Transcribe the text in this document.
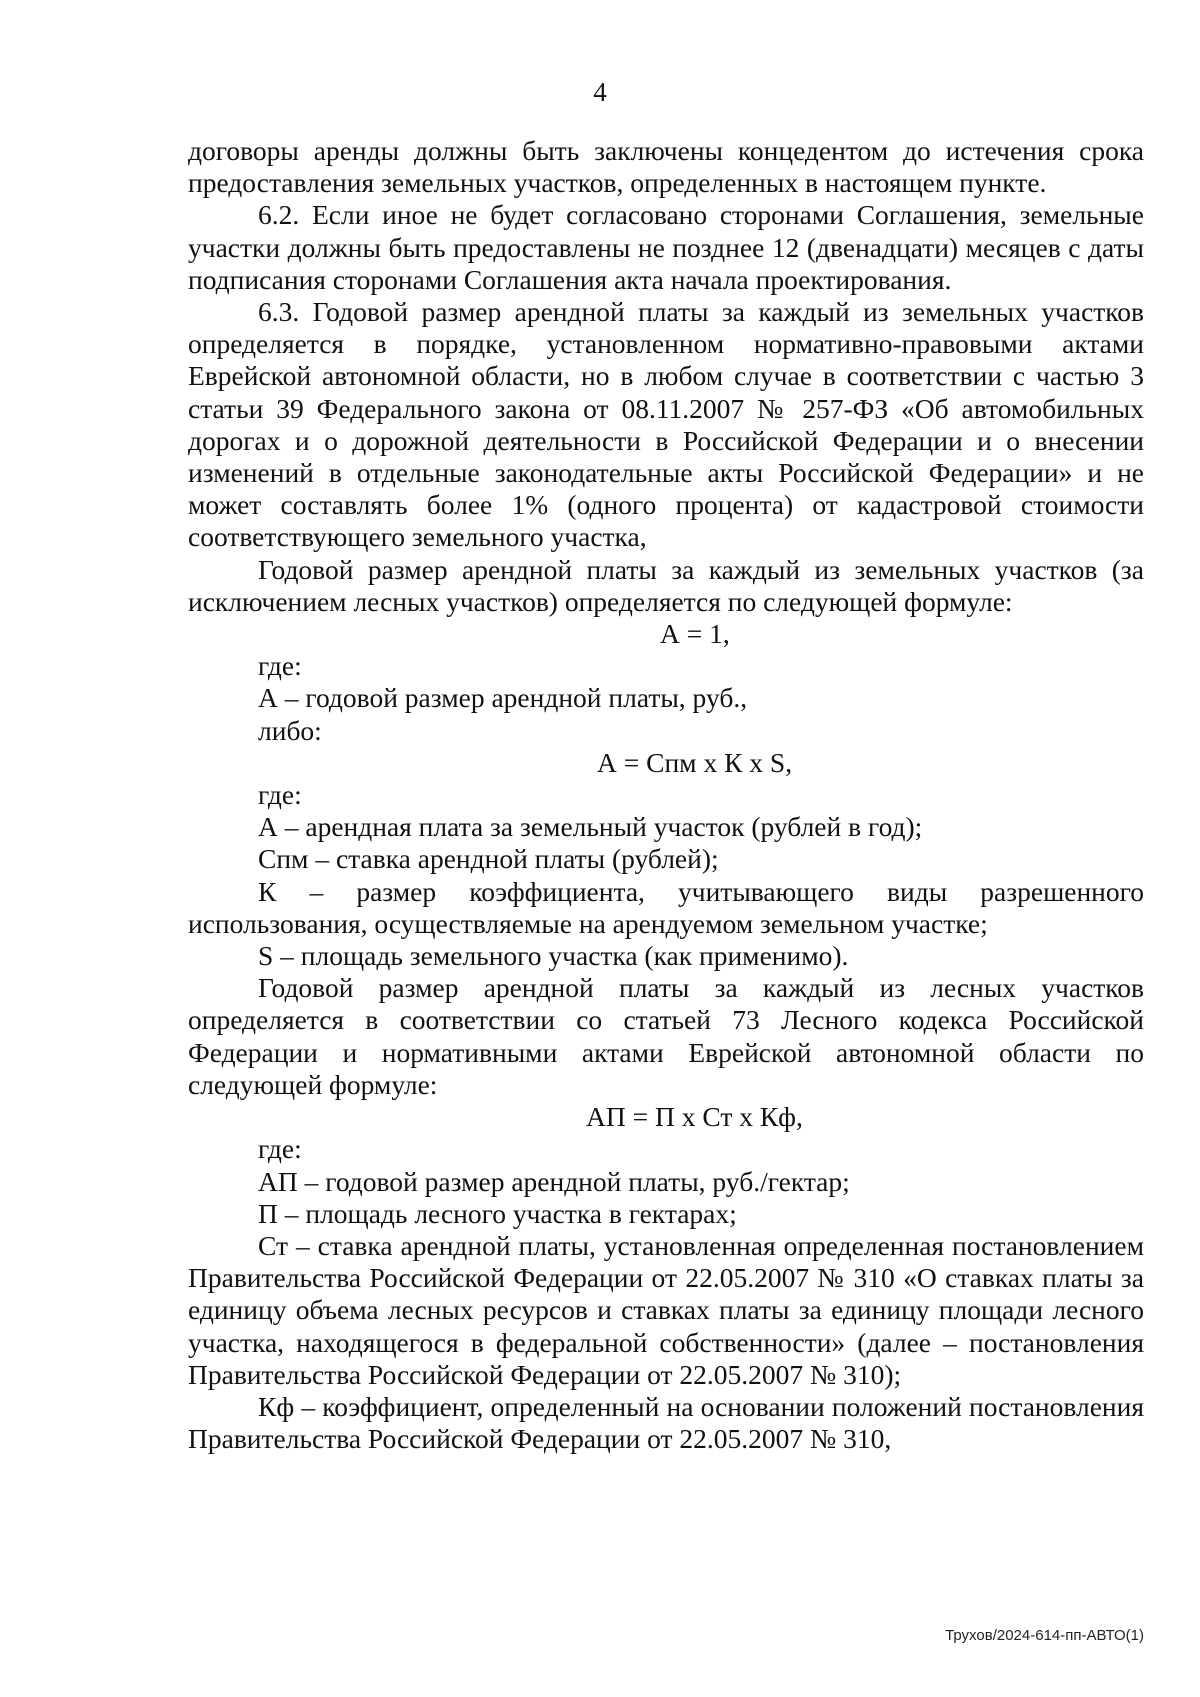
4

договоры аренды должны быть заключены концедентом до истечения срока предоставления земельных участков, определенных в настоящем пункте.

6.2. Если иное не будет согласовано сторонами Соглашения, земельные участки должны быть предоставлены не позднее 12 (двенадцати) месяцев с даты подписания сторонами Соглашения акта начала проектирования.

6.3. Годовой размер арендной платы за каждый из земельных участков определяется в порядке, установленном нормативно-правовыми актами Еврейской автономной области, но в любом случае в соответствии с частью 3 статьи 39 Федерального закона от 08.11.2007 № 257-ФЗ «Об автомобильных дорогах и о дорожной деятельности в Российской Федерации и о внесении изменений в отдельные законодательные акты Российской Федерации» и не может составлять более 1% (одного процента) от кадастровой стоимости соответствующего земельного участка,

Годовой размер арендной платы за каждый из земельных участков (за исключением лесных участков) определяется по следующей формуле:

А = 1,

где:

А – годовой размер арендной платы, руб.,

либо:

А = Спм х К х S,

где:

А – арендная плата за земельный участок (рублей в год);

Спм – ставка арендной платы (рублей);

К – размер коэффициента, учитывающего виды разрешенного использования, осуществляемые на арендуемом земельном участке;

S – площадь земельного участка (как применимо).

Годовой размер арендной платы за каждый из лесных участков определяется в соответствии со статьей 73 Лесного кодекса Российской Федерации и нормативными актами Еврейской автономной области по следующей формуле:

АП = П х Ст х Кф,

где:

АП – годовой размер арендной платы, руб./гектар;

П – площадь лесного участка в гектарах;

Ст – ставка арендной платы, установленная определенная постановлением Правительства Российской Федерации от 22.05.2007 № 310 «О ставках платы за единицу объема лесных ресурсов и ставках платы за единицу площади лесного участка, находящегося в федеральной собственности» (далее – постановления Правительства Российской Федерации от 22.05.2007 № 310);

Кф – коэффициент, определенный на основании положений постановления Правительства Российской Федерации от 22.05.2007 № 310,

Трухов/2024-614-пп-АВТО(1)
